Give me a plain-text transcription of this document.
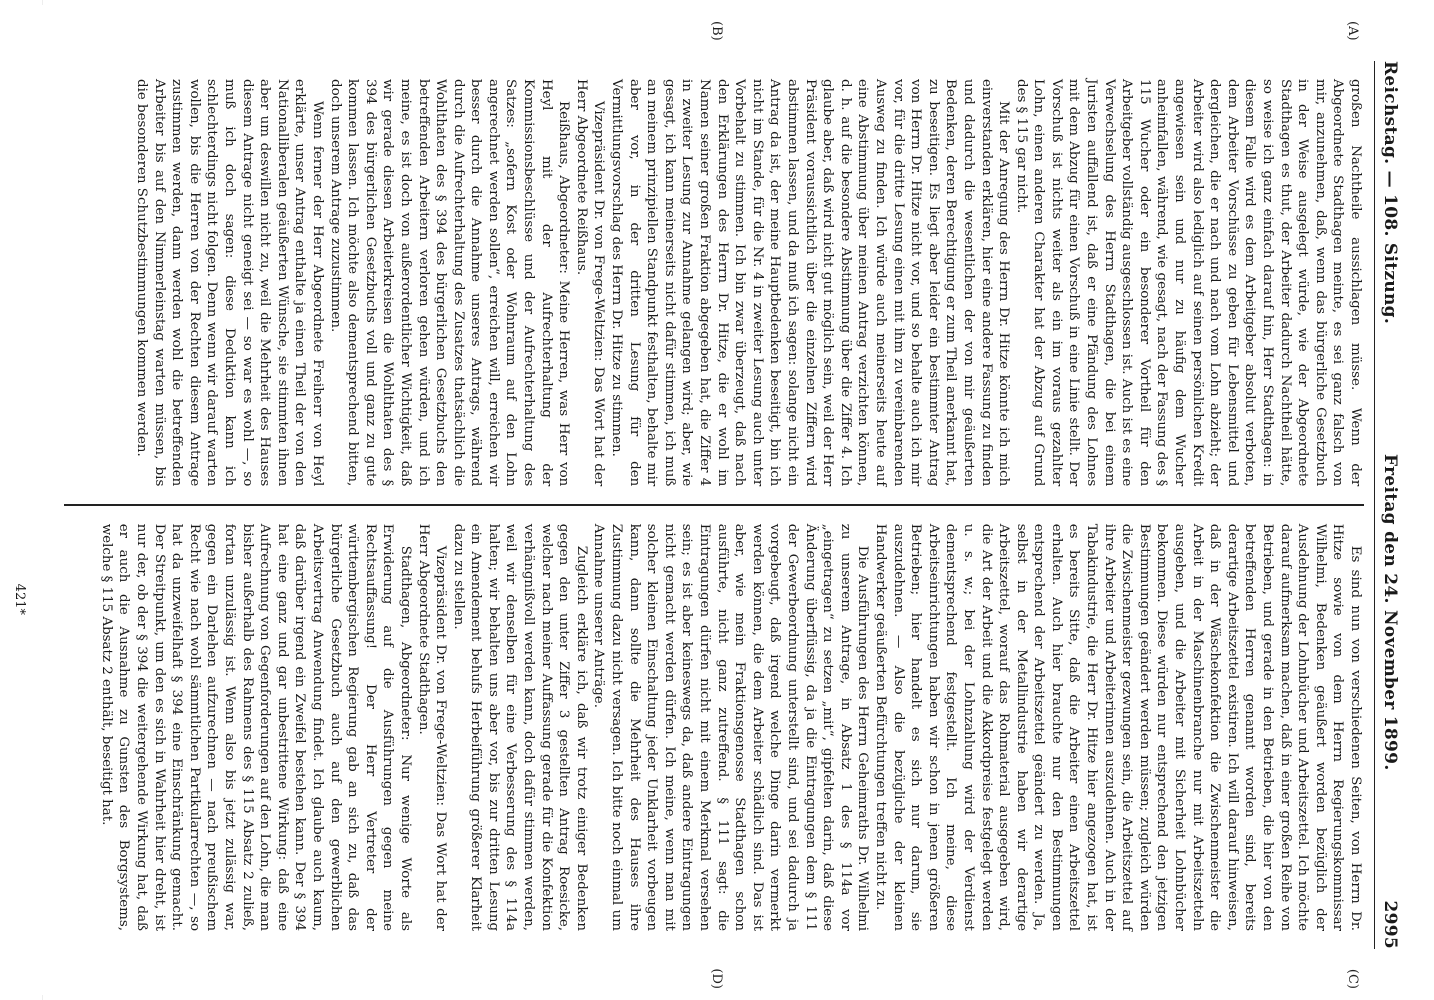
Reichstag. — 108. Sitzung.
Freitag den 24. November 1899.
2995
(A)
(B)
(C)
(D)

großen Nachtheile aussichlagen müsse. Wenn der Abgeordnete Stadthagen meinte, es sei ganz falsch von mir, anzunehmen, daß, wenn das bürgerliche Gesetzbuch in der Weise ausgelegt würde, wie der Abgeordnete Stadthagen es thut, der Arbeiter dadurch Nachtheil hätte, so weise ich ganz einfach darauf hin, Herr Stadthagen: in diesem Falle wird es dem Arbeitgeber absolut verboten, dem Arbeiter Vorschüsse zu geben für Lebensmittel und dergleichen, die er nach und nach vom Lohn abzieht; der Arbeiter wird also lediglich auf seinen persönlichen Kredit angewiesen sein und nur zu häufig dem Wucher anheimfallen, während, wie gesagt, nach der Fassung des § 115 Wucher oder ein besonderer Vortheil für den Arbeitgeber vollständig ausgeschlossen ist. Auch ist es eine Verwechselung des Herrn Stadthagen, die bei einem Juristen auffallend ist, daß er eine Pfändung des Lohnes mit dem Abzug für einen Vorschuß in eine Linie stellt. Der Vorschuß ist nichts weiter als ein im voraus gezahlter Lohn, einen anderen Charakter hat der Abzug auf Grund des § 115 gar nicht.

Mit der Anregung des Herrn Dr. Hitze könnte ich mich einverstanden erklären, hier eine andere Fassung zu finden und dadurch die wesentlichen der von mir geäußerten Bedenken, deren Berechtigung er zum Theil anerkannt hat, zu beseitigen. Es liegt aber leider ein bestimmter Antrag von Herrn Dr. Hitze nicht vor, und so behalte auch ich mir vor, für die dritte Lesung einen mit ihm zu vereinbarenden Ausweg zu finden. Ich würde auch meinerseits heute auf eine Abstimmung über meinen Antrag verzichten können, d. h. auf die besondere Abstimmung über die Ziffer 4. Ich glaube aber, daß wird nicht gut möglich sein, weil der Herr Präsident voraussichtlich über die einzelnen Ziffern wird abstimmen lassen, und da muß ich sagen: solange nicht ein Antrag da ist, der meine Hauptbedenken beseitigt, bin ich nicht im Stande, für die Nr. 4 in zweiter Lesung auch unter Vorbehalt zu stimmen. Ich bin zwar überzeugt, daß nach den Erklärungen des Herrn Dr. Hitze, die er wohl im Namen seiner großen Fraktion abgegeben hat, die Ziffer 4 in zweiter Lesung zur Annahme gelangen wird; aber, wie gesagt, ich kann meinerseits nicht dafür stimmen, ich muß an meinem prinzipiellen Standpunkt festhalten, behalte mir aber vor, in der dritten Lesung für den Vermittlungsvorschlag des Herrn Dr. Hitze zu stimmen.

Vizepräsident Dr. von Frege-Weltzien: Das Wort hat der Herr Abgeordnete Reißhaus.

Reißhaus, Abgeordneter: Meine Herren, was Herr von Heyl mit der Aufrechterhaltung der Kommissionsbeschlüsse und der Aufrechterhaltung des Satzes: „sofern Kost oder Wohnraum auf den Lohn angerechnet werden sollen“, erreichen will, erreichen wir besser durch die Annahme unseres Antrags, während durch die Aufrechterhaltung des Zusatzes thatsächlich die Wohlthaten des § 394 des bürgerlichen Gesetzbuchs den betreffenden Arbeitern verloren gehen würden, und ich meine, es ist doch von außerordentlicher Wichtigkeit, daß wir gerade diesen Arbeiterkreisen die Wohlthaten des § 394 des bürgerlichen Gesetzbuchs voll und ganz zu gute kommen lassen. Ich möchte also dementsprechend bitten, doch unserem Antrage zuzustimmen.

Wenn ferner der Herr Abgeordnete Freiherr von Heyl erklärte, unser Antrag enthalte ja einen Theil der von den Nationalliberalen geäußerten Wünsche, sie stimmten ihnen aber um deswillen nicht zu, weil die Mehrheit des Hauses diesem Antrage nicht geneigt sei — so war es wohl —, so muß ich doch sagen: diese Deduktion kann ich schlechterdings nicht folgen. Denn wenn wir darauf warten wollen, bis die Herren von der Rechten diesem Antrage zustimmen werden, dann werden wohl die betreffenden Arbeiter bis auf den Nimmerleinstag warten müssen, bis die besonderen Schutzbestimmungen kommen werden.

Es sind nun von verschiedenen Seiten, von Herrn Dr. Hitze sowie von dem Herrn Regierungskommissar Wilhelmi, Bedenken geäußert worden bezüglich der Ausdehnung der Lohnbücher und Arbeitszettel. Ich möchte darauf aufmerksam machen, daß in einer großen Reihe von Betrieben, und gerade in den Betrieben, die hier von den betreffenden Herren genannt worden sind, bereits derartige Arbeitszettel existiren. Ich will darauf hinweisen, daß in der Wäschekonfektion die Zwischenmeister die Arbeit in der Maschinenbranche nur mit Arbeitszetteln ausgeben, und die Arbeiter mit Sicherheit Lohnbücher bekommen. Diese würden nur entsprechend den jetzigen Bestimmungen geändert werden müssen; zugleich würden die Zwischenmeister gezwungen sein, die Arbeitszettel auf ihre Arbeiter und Arbeiterinnen auszudehnen. Auch in der Tabakindustrie, die Herr Dr. Hitze hier angezogen hat, ist es bereits Sitte, daß die Arbeiter einen Arbeitszettel erhalten. Auch hier brauchte nur den Bestimmungen entsprechend der Arbeitszettel geändert zu werden. Ja, selbst in der Metallindustrie haben wir derartige Arbeitszettel, worauf das Rohmaterial ausgegeben wird, die Art der Arbeit und die Akkordpreise festgelegt werden u. s. w.; bei der Lohnzahlung wird der Verdienst dementsprechend festgestellt. Ich meine, diese Arbeitseinrichtungen haben wir schon in jenen größeren Betrieben; hier handelt es sich nur darum, sie auszudehnen. — Also die bezügliche der kleinen Handwerker geäußerten Befürchtungen treffen nicht zu.

Die Ausführungen des Herrn Geheimraths Dr. Wilhelmi zu unserem Antrage, in Absatz 1 des § 114a vor „eingetragen“ zu setzen „mit“, gipfelten darin, daß diese Änderung überflüssig, da ja die Eintragungen dem § 111 der Gewerbeordnung unterstellt sind, und sei dadurch ja vorgebeugt, daß irgend welche Dinge darin vermerkt werden können, die dem Arbeiter schädlich sind. Das ist aber, wie mein Fraktionsgenosse Stadthagen schon ausführte, nicht ganz zutreffend. § 111 sagt: die Eintragungen dürfen nicht mit einem Merkmal versehen sein; es ist aber keineswegs da, daß andere Eintragungen nicht gemacht werden dürfen. Ich meine, wenn man mit solcher kleinen Einschaltung jeder Unklarheit vorbeugen kann, dann sollte die Mehrheit des Hauses ihre Zustimmung dazu nicht versagen. Ich bitte noch einmal um Annahme unserer Anträge.

Zugleich erkläre ich, daß wir trotz einiger Bedenken gegen den unter Ziffer 3 gestellten Antrag Roesicke, welcher nach meiner Auffassung gerade für die Konfektion verhängnißvoll werden kann, doch dafür stimmen werden, weil wir denselben für eine Verbesserung des § 114a halten; wir behalten uns aber vor, bis zur dritten Lesung ein Amendement behufs Herbeiführung größerer Klarheit dazu zu stellen.

Vizepräsident Dr. von Frege-Weltzien: Das Wort hat der Herr Abgeordnete Stadthagen.

Stadthagen, Abgeordneter: Nur wenige Worte als Erwiderung auf die Ausführungen gegen meine Rechtsauffassung! Der Herr Vertreter der württembergischen Regierung gab an sich zu, daß das bürgerliche Gesetzbuch auch auf den gewerblichen Arbeitsvertrag Anwendung findet. Ich glaube auch kaum, daß darüber irgend ein Zweifel bestehen kann. Der § 394 hat eine ganz und gar unbestrittene Wirkung: daß eine Aufrechnung von Gegenforderungen auf den Lohn, die man bisher außerhalb des Rahmens des § 115 Absatz 2 zuließ, fortan unzulässig ist. Wenn also bis jetzt zulässig war, gegen ein Darlehen aufzurechnen — nach preußischem Recht wie nach wohl sämmtlichen Partikularrechten —, so hat da unzweifelhaft § 394 eine Einschränkung gemacht. Der Streitpunkt, um den es sich in Wahrheit hier dreht, ist nur der, ob der § 394 die weitergehende Wirkung hat, daß er auch die Ausnahme zu Gunsten des Borgsystems, welche § 115 Absatz 2 enthält, beseitigt hat.

421*
